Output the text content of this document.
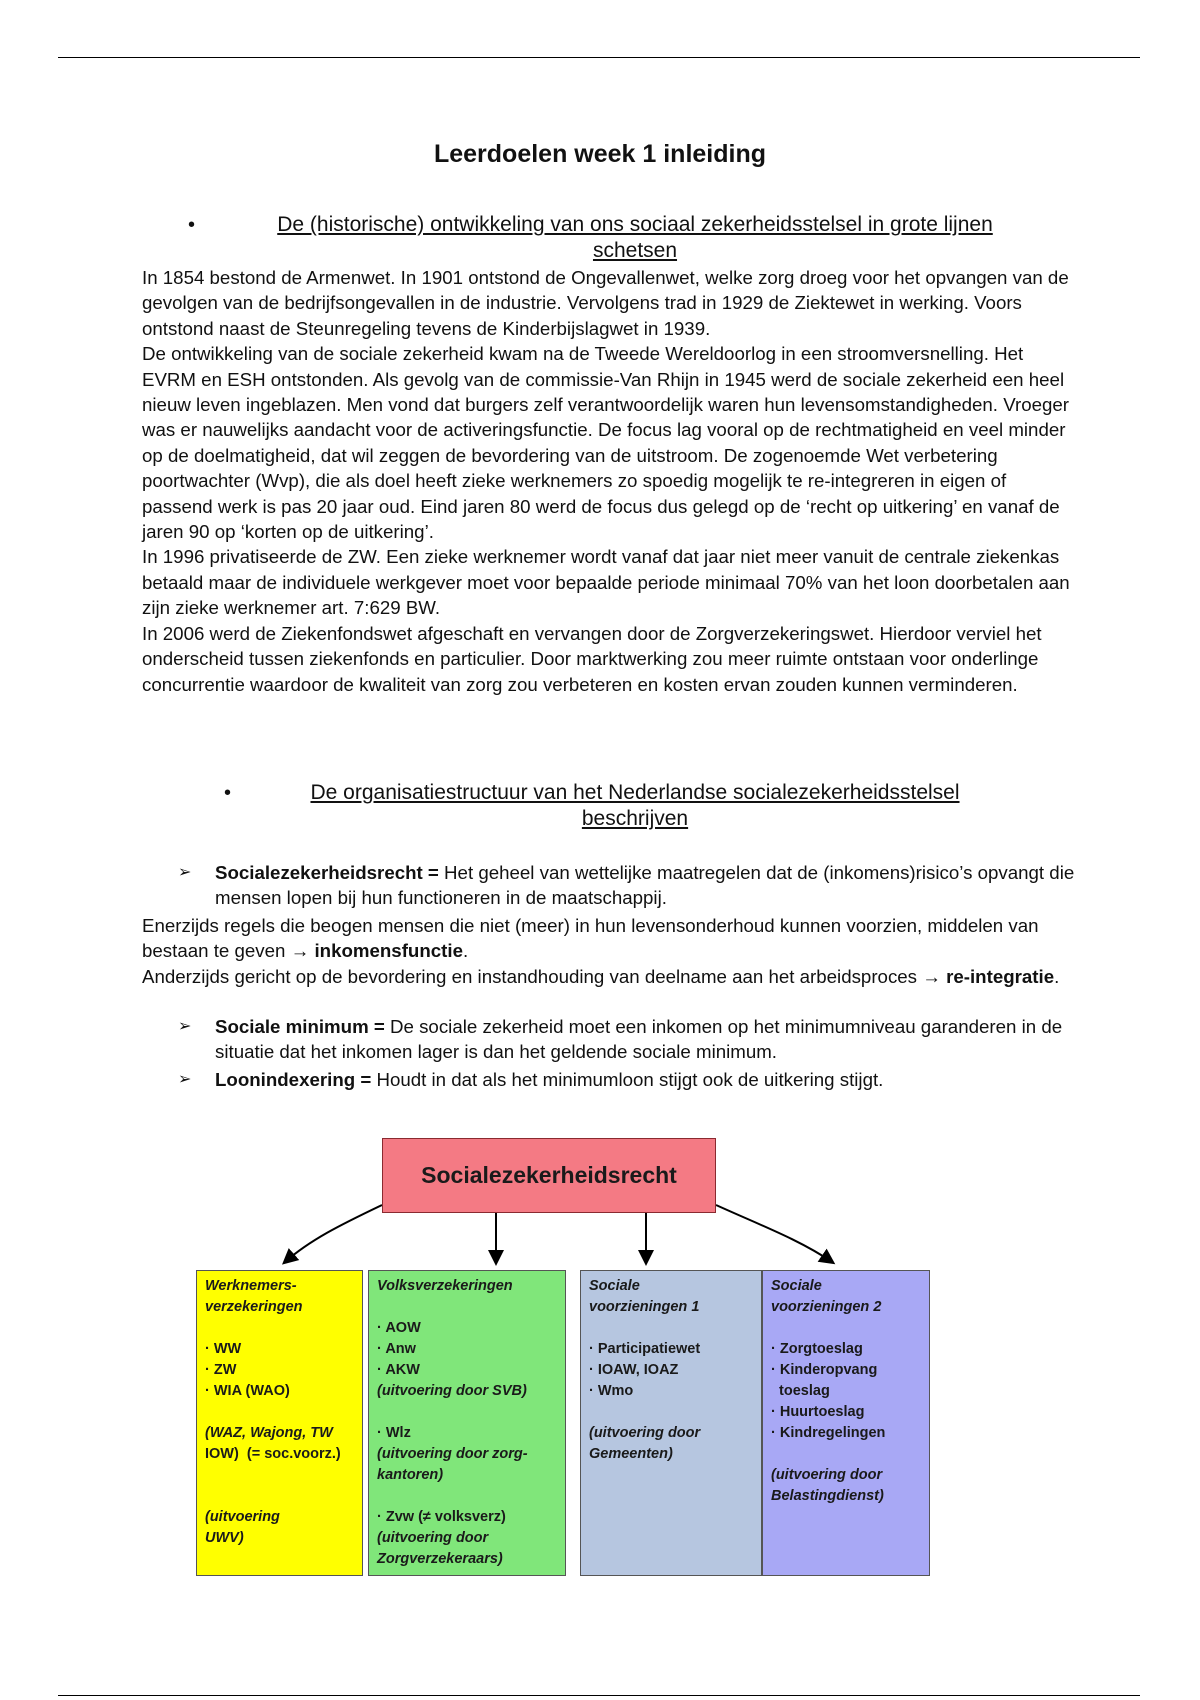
Leerdoelen week 1 inleiding
•	De (historische) ontwikkeling van ons sociaal zekerheidsstelsel in grote lijnen
schetsen

In 1854 bestond de Armenwet. In 1901 ontstond de Ongevallenwet, welke zorg droeg voor het opvangen van de gevolgen van de bedrijfsongevallen in de industrie. Vervolgens trad in 1929 de Ziektewet in werking. Voors ontstond naast de Steunregeling tevens de Kinderbijslagwet in 1939.

De ontwikkeling van de sociale zekerheid kwam na de Tweede Wereldoorlog in een stroomversnelling. Het EVRM en ESH ontstonden. Als gevolg van de commissie-Van Rhijn in 1945 werd de sociale zekerheid een heel nieuw leven ingeblazen. Men vond dat burgers zelf verantwoordelijk waren hun levensomstandigheden. Vroeger was er nauwelijks aandacht voor de activeringsfunctie. De focus lag vooral op de rechtmatigheid en veel minder op de doelmatigheid, dat wil zeggen de bevordering van de uitstroom. De zogenoemde Wet verbetering poortwachter (Wvp), die als doel heeft zieke werknemers zo spoedig mogelijk te re-integreren in eigen of passend werk is pas 20 jaar oud. Eind jaren 80 werd de focus dus gelegd op de ‘recht op uitkering’ en vanaf de jaren 90 op ‘korten op de uitkering’.

In 1996 privatiseerde de ZW. Een zieke werknemer wordt vanaf dat jaar niet meer vanuit de centrale ziekenkas betaald maar de individuele werkgever moet voor bepaalde periode minimaal 70% van het loon doorbetalen aan zijn zieke werknemer art. 7:629 BW.

In 2006 werd de Ziekenfondswet afgeschaft en vervangen door de Zorgverzekeringswet. Hierdoor verviel het onderscheid tussen ziekenfonds en particulier. Door marktwerking zou meer ruimte ontstaan voor onderlinge concurrentie waardoor de kwaliteit van zorg zou verbeteren en kosten ervan zouden kunnen verminderen.

•	De organisatiestructuur van het Nederlandse socialezekerheidsstelsel
beschrijven
➢ Socialezekerheidsrecht = Het geheel van wettelijke maatregelen dat de (inkomens)risico’s opvangt die mensen lopen bij hun functioneren in de maatschappij.

Enerzijds regels die beogen mensen die niet (meer) in hun levensonderhoud kunnen voorzien, middelen van bestaan te geven → inkomensfunctie.

Anderzijds gericht op de bevordering en instandhouding van deelname aan het arbeidsproces → re-integratie.

➢ Sociale minimum = De sociale zekerheid moet een inkomen op het minimumniveau garanderen in de situatie dat het inkomen lager is dan het geldende sociale minimum.
➢ Loonindexering = Houdt in dat als het minimumloon stijgt ook de uitkering stijgt.
Socialezekerheidsrecht
Werknemers-
verzekeringen

· WW
· ZW
· WIA (WAO)

(WAZ, Wajong, TW
IOW)  (= soc.voorz.)

(uitvoering
UWV)
Volksverzekeringen

· AOW
· Anw
· AKW
(uitvoering door SVB)

· Wlz
(uitvoering door zorg-
kantoren)

· Zvw (≠ volksverz)
(uitvoering door
Zorgverzekeraars)
Sociale
voorzieningen 1

· Participatiewet
· IOAW, IOAZ
· Wmo

(uitvoering door
Gemeenten)
Sociale
voorzieningen 2

· Zorgtoeslag
· Kinderopvang
toeslag
· Huurtoeslag
· Kindregelingen

(uitvoering door
Belastingdienst)
